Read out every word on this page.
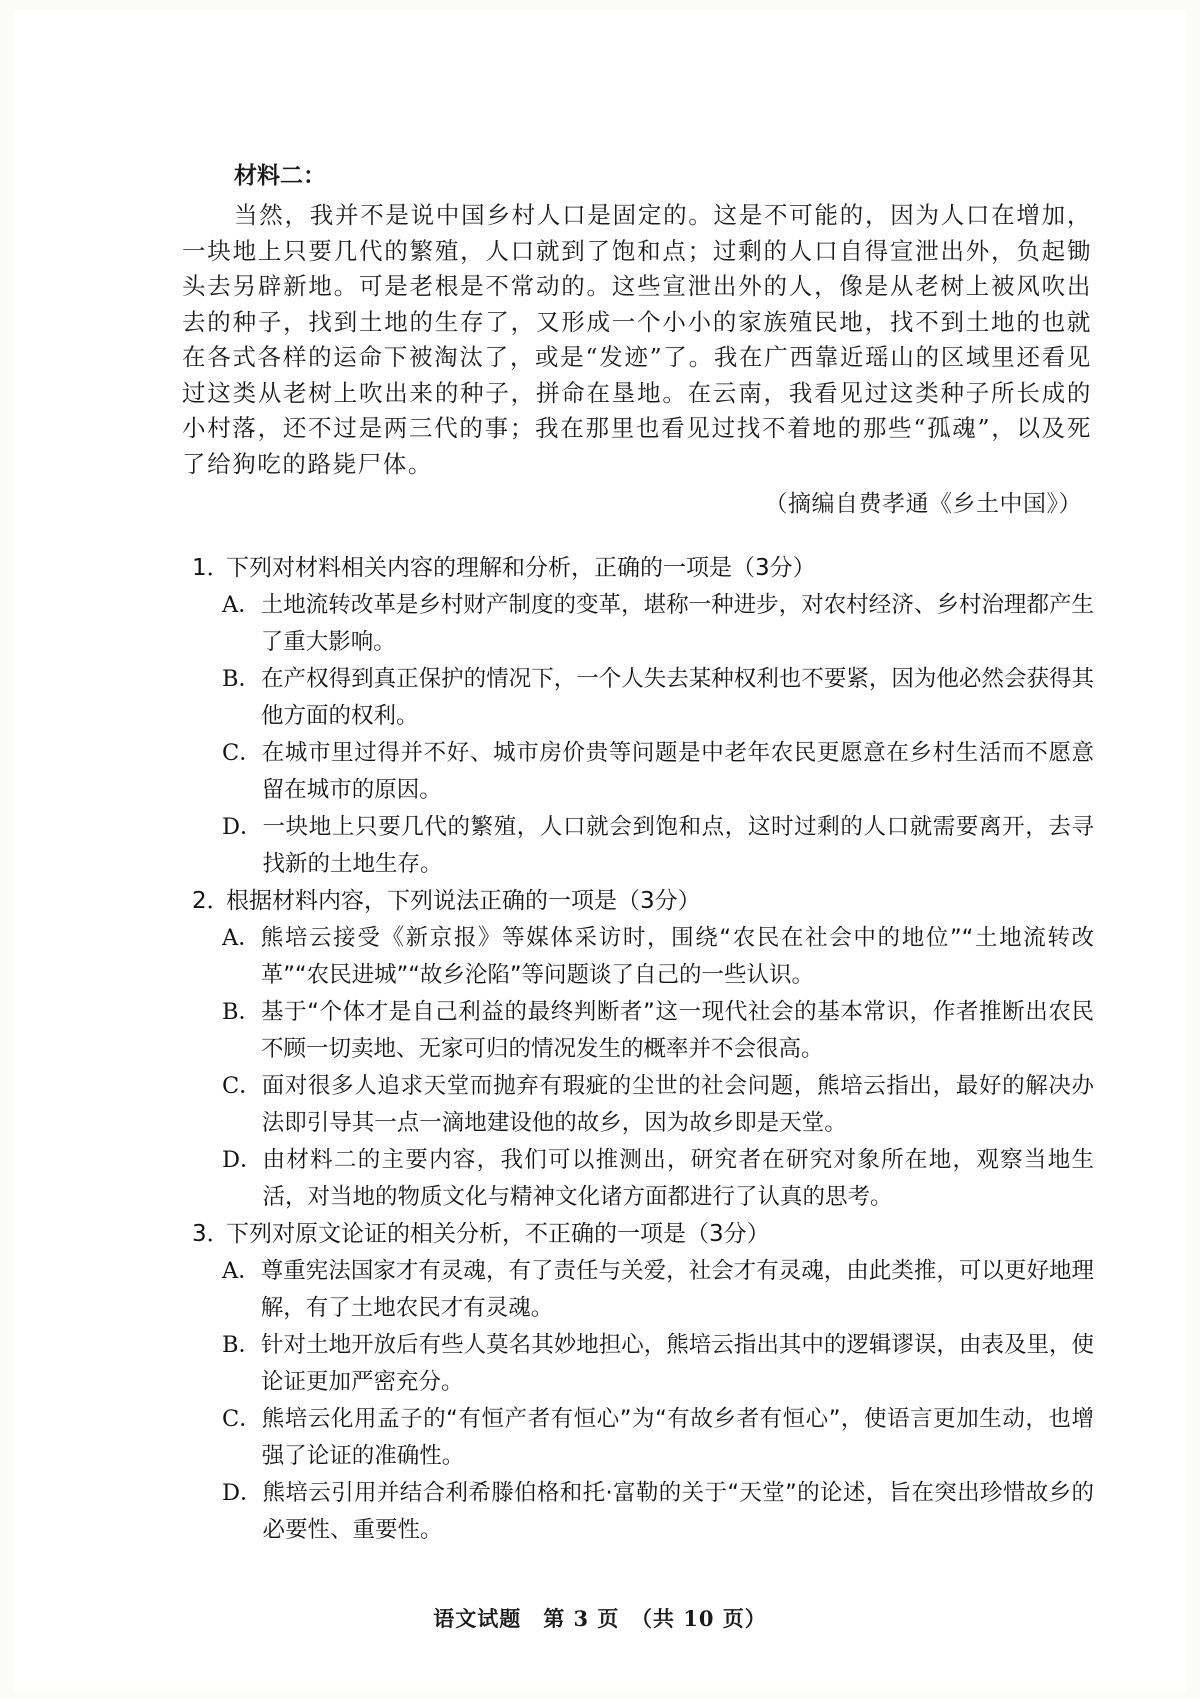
材料二：

当然，我并不是说中国乡村人口是固定的。这是不可能的，因为人口在增加，一块地上只要几代的繁殖，人口就到了饱和点；过剩的人口自得宣泄出外，负起锄头去另辟新地。可是老根是不常动的。这些宣泄出外的人，像是从老树上被风吹出去的种子，找到土地的生存了，又形成一个小小的家族殖民地，找不到土地的也就在各式各样的运命下被淘汰了，或是“发迹”了。我在广西靠近瑶山的区域里还看见过这类从老树上吹出来的种子，拼命在垦地。在云南，我看见过这类种子所长成的小村落，还不过是两三代的事；我在那里也看见过找不着地的那些“孤魂”，以及死了给狗吃的路毙尸体。

（摘编自费孝通《乡土中国》）
1．下列对材料相关内容的理解和分析，正确的一项是（3分）
A． 土地流转改革是乡村财产制度的变革，堪称一种进步，对农村经济、乡村治理都产生了重大影响。
B． 在产权得到真正保护的情况下，一个人失去某种权利也不要紧，因为他必然会获得其他方面的权利。
C． 在城市里过得并不好、城市房价贵等问题是中老年农民更愿意在乡村生活而不愿意留在城市的原因。
D． 一块地上只要几代的繁殖，人口就会到饱和点，这时过剩的人口就需要离开，去寻找新的土地生存。
2．根据材料内容，下列说法正确的一项是（3分）
A． 熊培云接受《新京报》等媒体采访时，围绕“农民在社会中的地位”“土地流转改革”“农民进城”“故乡沦陷”等问题谈了自己的一些认识。
B． 基于“个体才是自己利益的最终判断者”这一现代社会的基本常识，作者推断出农民不顾一切卖地、无家可归的情况发生的概率并不会很高。
C． 面对很多人追求天堂而抛弃有瑕疵的尘世的社会问题，熊培云指出，最好的解决办法即引导其一点一滴地建设他的故乡，因为故乡即是天堂。
D． 由材料二的主要内容，我们可以推测出，研究者在研究对象所在地，观察当地生活，对当地的物质文化与精神文化诸方面都进行了认真的思考。
3．下列对原文论证的相关分析，不正确的一项是（3分）
A． 尊重宪法国家才有灵魂，有了责任与关爱，社会才有灵魂，由此类推，可以更好地理解，有了土地农民才有灵魂。
B． 针对土地开放后有些人莫名其妙地担心，熊培云指出其中的逻辑谬误，由表及里，使论证更加严密充分。
C． 熊培云化用孟子的“有恒产者有恒心”为“有故乡者有恒心”，使语言更加生动，也增强了论证的准确性。
D． 熊培云引用并结合利希滕伯格和托·富勒的关于“天堂”的论述，旨在突出珍惜故乡的必要性、重要性。
语文试题　第 3 页　（共 10 页）
